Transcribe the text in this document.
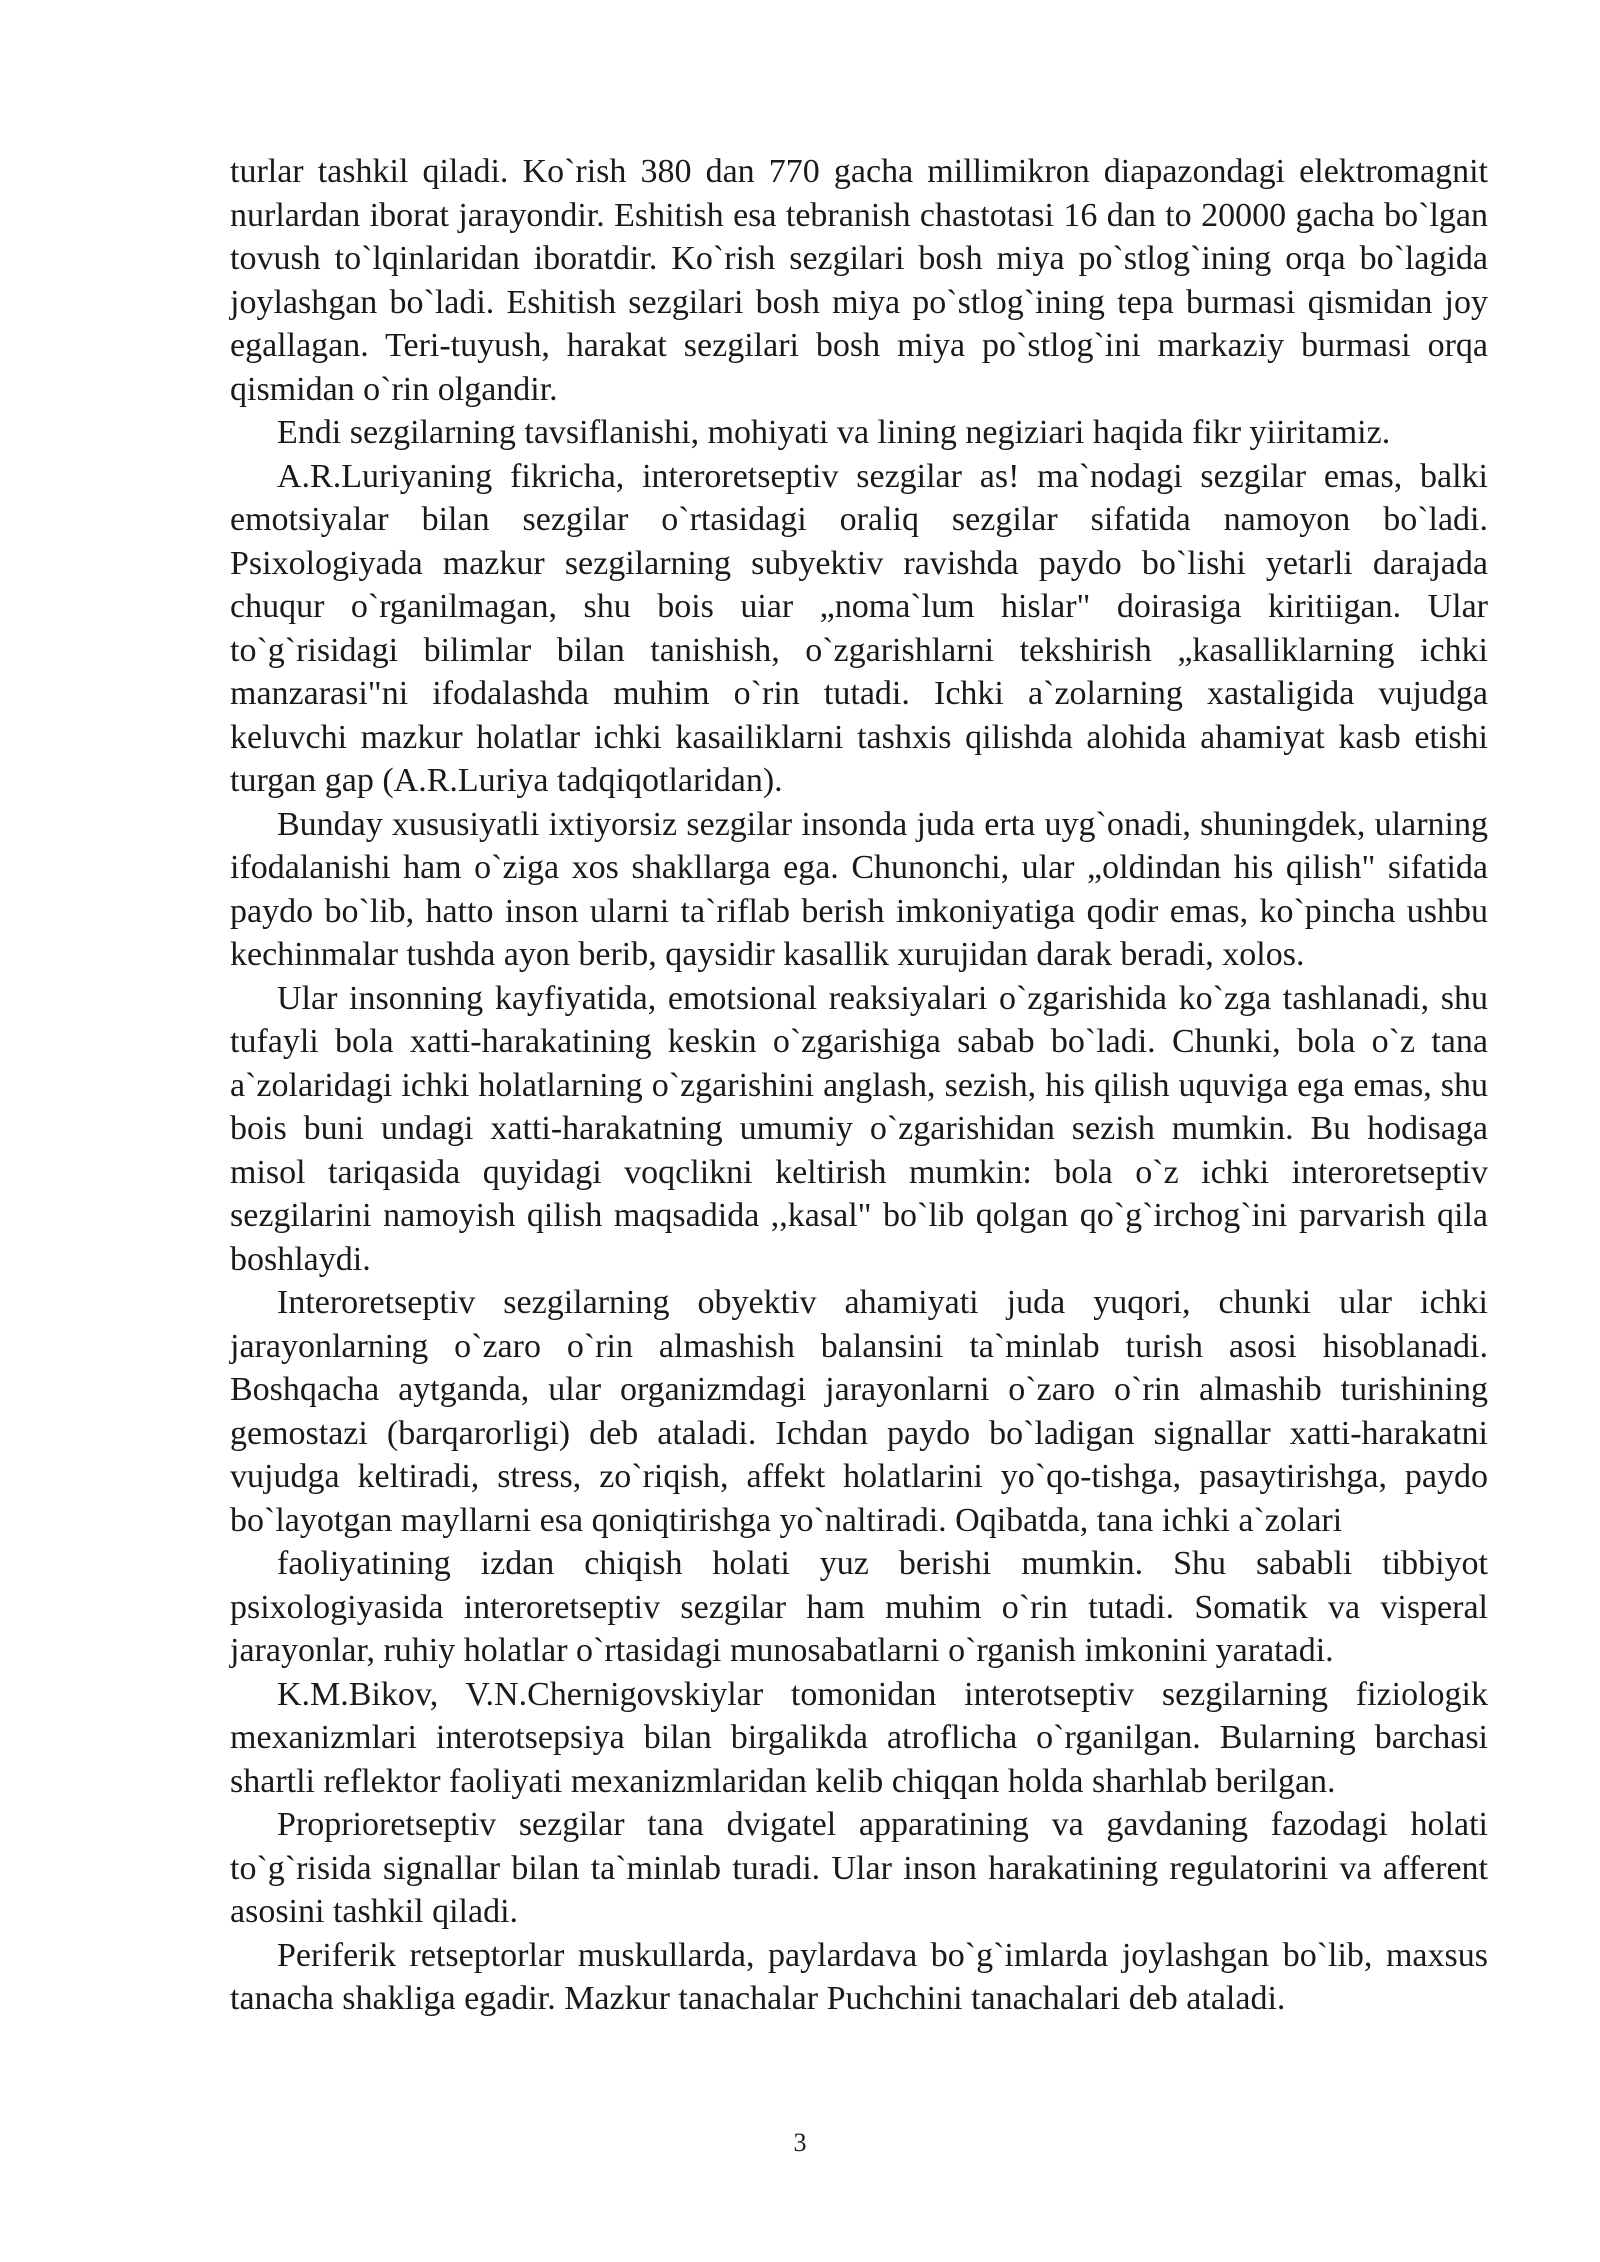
turlar tashkil qiladi. Ko`rish 380 dan 770 gacha millimikron diapazondagi elektromagnit nurlardan iborat jarayondir. Eshitish esa tebranish chastotasi 16 dan to 20000 gacha bo`lgan tovush to`lqinlaridan iboratdir. Ko`rish sezgilari bosh miya po`stlog`ining orqa bo`lagida joylashgan bo`ladi. Eshitish sezgilari bosh miya po`stlog`ining tepa burmasi qismidan joy egallagan. Teri-tuyush, harakat sezgilari bosh miya po`stlog`ini markaziy burmasi orqa qismidan o`rin olgandir.

Endi sezgilarning tavsiflanishi, mohiyati va lining negiziari haqida fikr yiiritamiz.

A.R.Luriyaning fikricha, interoretseptiv sezgilar as! ma`nodagi sezgilar emas, balki emotsiyalar bilan sezgilar o`rtasidagi oraliq sezgilar sifatida namoyon bo`ladi. Psixologiyada mazkur sezgilarning subyektiv ravishda paydo bo`lishi yetarli darajada chuqur o`rganilmagan, shu bois uiar „noma`lum hislar" doirasiga kiritiigan. Ular to`g`risidagi bilimlar bilan tanishish, o`zgarishlarni tekshirish „kasalliklarning ichki manzarasi"ni ifodalashda muhim o`rin tutadi. Ichki a`zolarning xastaligida vujudga keluvchi mazkur holatlar ichki kasailiklarni tashxis qilishda alohida ahamiyat kasb etishi turgan gap (A.R.Luriya tadqiqotlaridan).

Bunday xususiyatli ixtiyorsiz sezgilar insonda juda erta uyg`onadi, shuningdek, ularning ifodalanishi ham o`ziga xos shakllarga ega. Chunonchi, ular „oldindan his qilish" sifatida paydo bo`lib, hatto inson ularni ta`riflab berish imkoniyatiga qodir emas, ko`pincha ushbu kechinmalar tushda ayon berib, qaysidir kasallik xurujidan darak beradi, xolos.

Ular insonning kayfiyatida, emotsional reaksiyalari o`zgarishida ko`zga tashlanadi, shu tufayli bola xatti-harakatining keskin o`zgarishiga sabab bo`ladi. Chunki, bola o`z tana a`zolaridagi ichki holatlarning o`zgarishini anglash, sezish, his qilish uquviga ega emas, shu bois buni undagi xatti-harakatning umumiy o`zgarishidan sezish mumkin. Bu hodisaga misol tariqasida quyidagi voqclikni keltirish mumkin: bola o`z ichki interoretseptiv sezgilarini namoyish qilish maqsadida ,,kasal" bo`lib qolgan qo`g`irchog`ini parvarish qila boshlaydi.

Interoretseptiv sezgilarning obyektiv ahamiyati juda yuqori, chunki ular ichki jarayonlarning o`zaro o`rin almashish balansini ta`minlab turish asosi hisoblanadi. Boshqacha aytganda, ular organizmdagi jarayonlarni o`zaro o`rin almashib turishining gemostazi (barqarorligi) deb ataladi. Ichdan paydo bo`ladigan signallar xatti-harakatni vujudga keltiradi, stress, zo`riqish, affekt holatlarini yo`qo-tishga, pasaytirishga, paydo bo`layotgan mayllarni esa qoniqtirishga yo`naltiradi. Oqibatda, tana ichki a`zolari

faoliyatining izdan chiqish holati yuz berishi mumkin. Shu sababli tibbiyot psixologiyasida interoretseptiv sezgilar ham muhim o`rin tutadi. Somatik va visperal jarayonlar, ruhiy holatlar o`rtasidagi munosabatlarni o`rganish imkonini yaratadi.

K.M.Bikov, V.N.Chernigovskiylar tomonidan interotseptiv sezgilarning fiziologik mexanizmlari interotsepsiya bilan birgalikda atroflicha o`rganilgan. Bularning barchasi shartli reflektor faoliyati mexanizmlaridan kelib chiqqan holda sharhlab berilgan.

Proprioretseptiv sezgilar tana dvigatel apparatining va gavdaning fazodagi holati to`g`risida signallar bilan ta`minlab turadi. Ular inson harakatining regulatorini va afferent asosini tashkil qiladi.

Periferik retseptorlar muskullarda, paylardava bo`g`imlarda joylashgan bo`lib, maxsus tanacha shakliga egadir. Mazkur tanachalar Puchchini tanachalari deb ataladi.

3
